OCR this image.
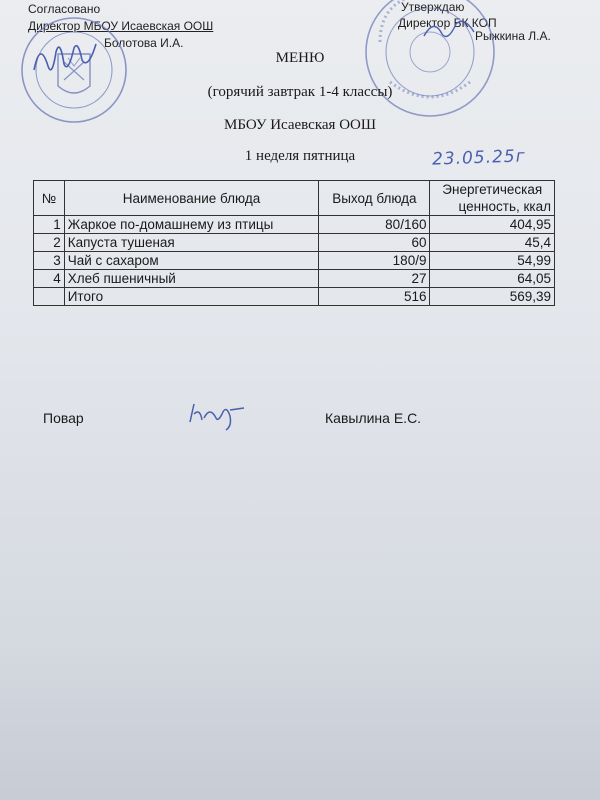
Согласовано
Директор МБОУ Исаевская ООШ
Болотова И.А.
Утверждаю
Директор БК КОП
Рыжкина Л.А.
МЕНЮ
(горячий завтрак 1-4 классы)
МБОУ Исаевская ООШ
1 неделя пятница	23.05.25г
№	Наименование блюда	Выход блюда	Энергетическая
ценность, ккал

1	Жаркое по-домашнему из птицы	80/160	404,95
2	Капуста тушеная	60	45,4
3	Чай с сахаром	180/9	54,99
4	Хлеб пшеничный	27	64,05
	Итого	516	569,39
Повар	Кавылина Е.С.
